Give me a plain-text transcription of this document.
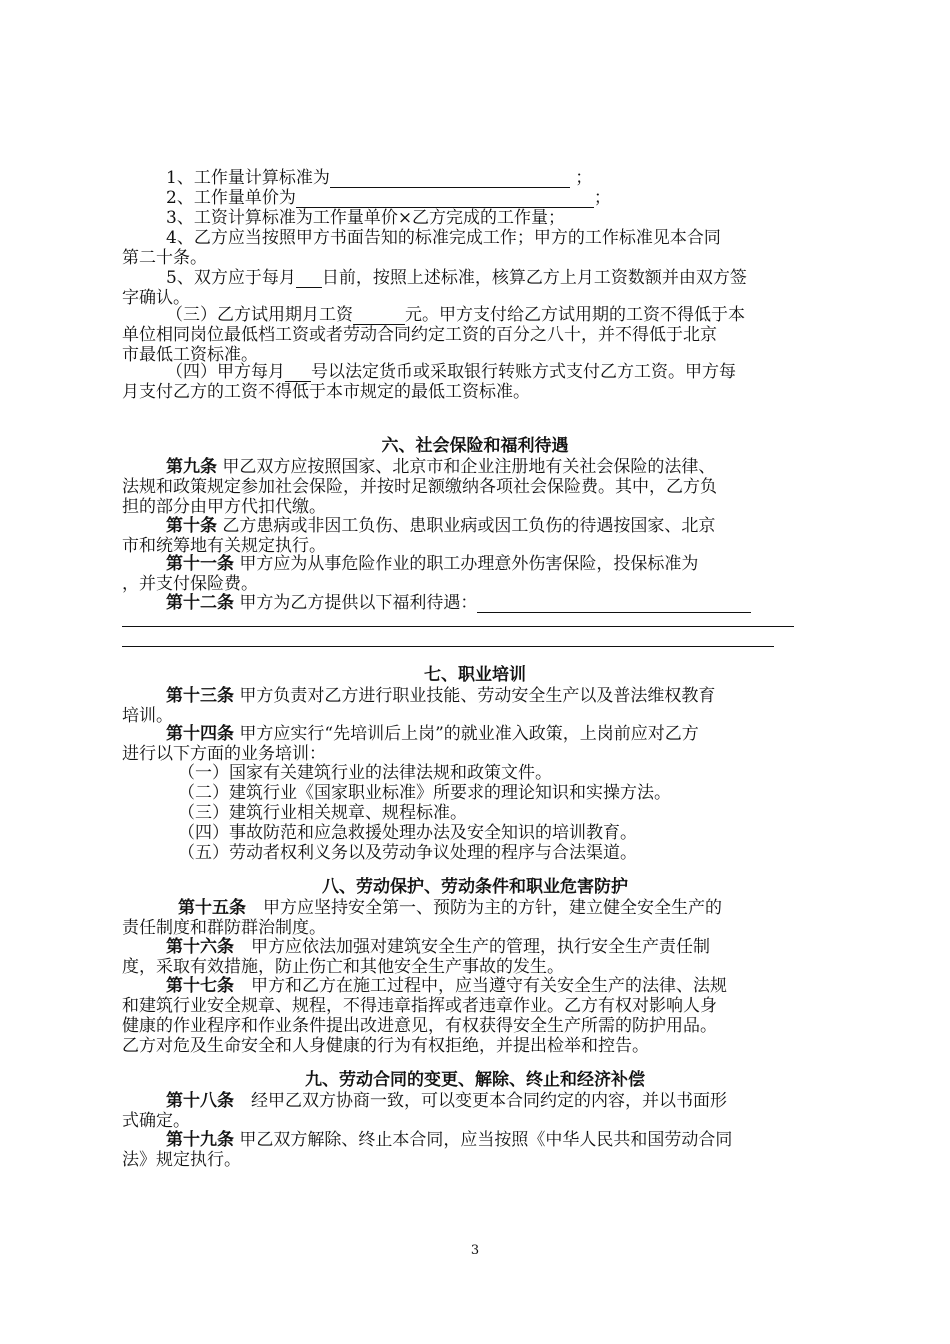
1、工作量计算标准为	；
2、工作量单价为	；
3、工资计算标准为工作量单价×乙方完成的工作量；
4、乙方应当按照甲方书面告知的标准完成工作；甲方的工作标准见本合同
第二十条。
5、双方应于每月 日前，按照上述标准，核算乙方上月工资数额并由双方签
字确认。
（三）乙方试用期月工资	元。甲方支付给乙方试用期的工资不得低于本
单位相同岗位最低档工资或者劳动合同约定工资的百分之八十，并不得低于北京
市最低工资标准。
（四）甲方每月 号以法定货币或采取银行转账方式支付乙方工资。甲方每
月支付乙方的工资不得低于本市规定的最低工资标准。
六、社会保险和福利待遇
第九条 甲乙双方应按照国家、北京市和企业注册地有关社会保险的法律、
法规和政策规定参加社会保险，并按时足额缴纳各项社会保险费。其中，乙方负
担的部分由甲方代扣代缴。
第十条 乙方患病或非因工负伤、患职业病或因工负伤的待遇按国家、北京
市和统筹地有关规定执行。
第十一条 甲方应为从事危险作业的职工办理意外伤害保险，投保标准为
，并支付保险费。
第十二条 甲方为乙方提供以下福利待遇：
七、职业培训
第十三条 甲方负责对乙方进行职业技能、劳动安全生产以及普法维权教育
培训。
第十四条 甲方应实行“先培训后上岗”的就业准入政策，上岗前应对乙方
进行以下方面的业务培训：
（一）国家有关建筑行业的法律法规和政策文件。
（二）建筑行业《国家职业标准》所要求的理论知识和实操方法。
（三）建筑行业相关规章、规程标准。
（四）事故防范和应急救援处理办法及安全知识的培训教育。
（五）劳动者权利义务以及劳动争议处理的程序与合法渠道。
八、劳动保护、劳动条件和职业危害防护
第十五条　甲方应坚持安全第一、预防为主的方针，建立健全安全生产的
责任制度和群防群治制度。
第十六条　甲方应依法加强对建筑安全生产的管理，执行安全生产责任制
度，采取有效措施，防止伤亡和其他安全生产事故的发生。
第十七条　甲方和乙方在施工过程中，应当遵守有关安全生产的法律、法规
和建筑行业安全规章、规程，不得违章指挥或者违章作业。乙方有权对影响人身
健康的作业程序和作业条件提出改进意见，有权获得安全生产所需的防护用品。
乙方对危及生命安全和人身健康的行为有权拒绝，并提出检举和控告。
九、劳动合同的变更、解除、终止和经济补偿
第十八条　经甲乙双方协商一致，可以变更本合同约定的内容，并以书面形
式确定。
第十九条 甲乙双方解除、终止本合同，应当按照《中华人民共和国劳动合同
法》规定执行。
3
